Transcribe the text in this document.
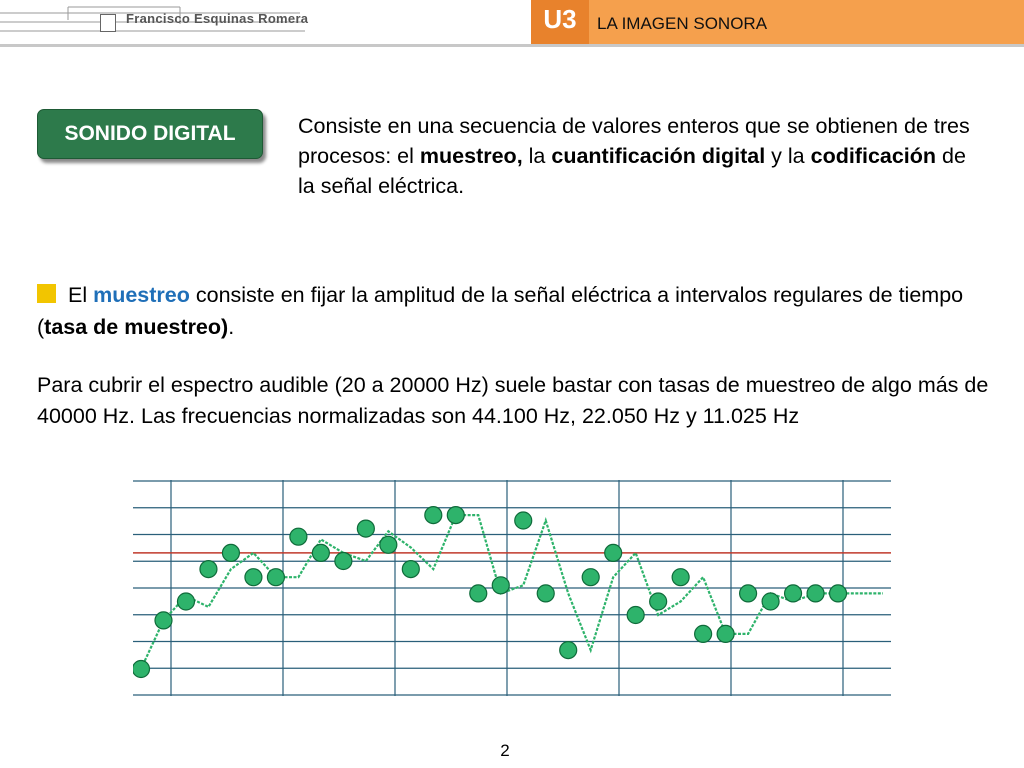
Francisco Esquinas Romera	U3	LA IMAGEN SONORA
SONIDO DIGITAL	Consiste en una secuencia de valores enteros que se obtienen de tres procesos: el muestreo, la cuantificación digital y la codificación de la señal eléctrica.
El muestreo consiste en fijar la amplitud de la señal eléctrica a intervalos regulares de tiempo (tasa de muestreo).
Para cubrir el espectro audible (20 a 20000 Hz) suele bastar con tasas de muestreo de algo más de 40000 Hz. Las frecuencias normalizadas son 44.100 Hz, 22.050 Hz y 11.025 Hz
2
